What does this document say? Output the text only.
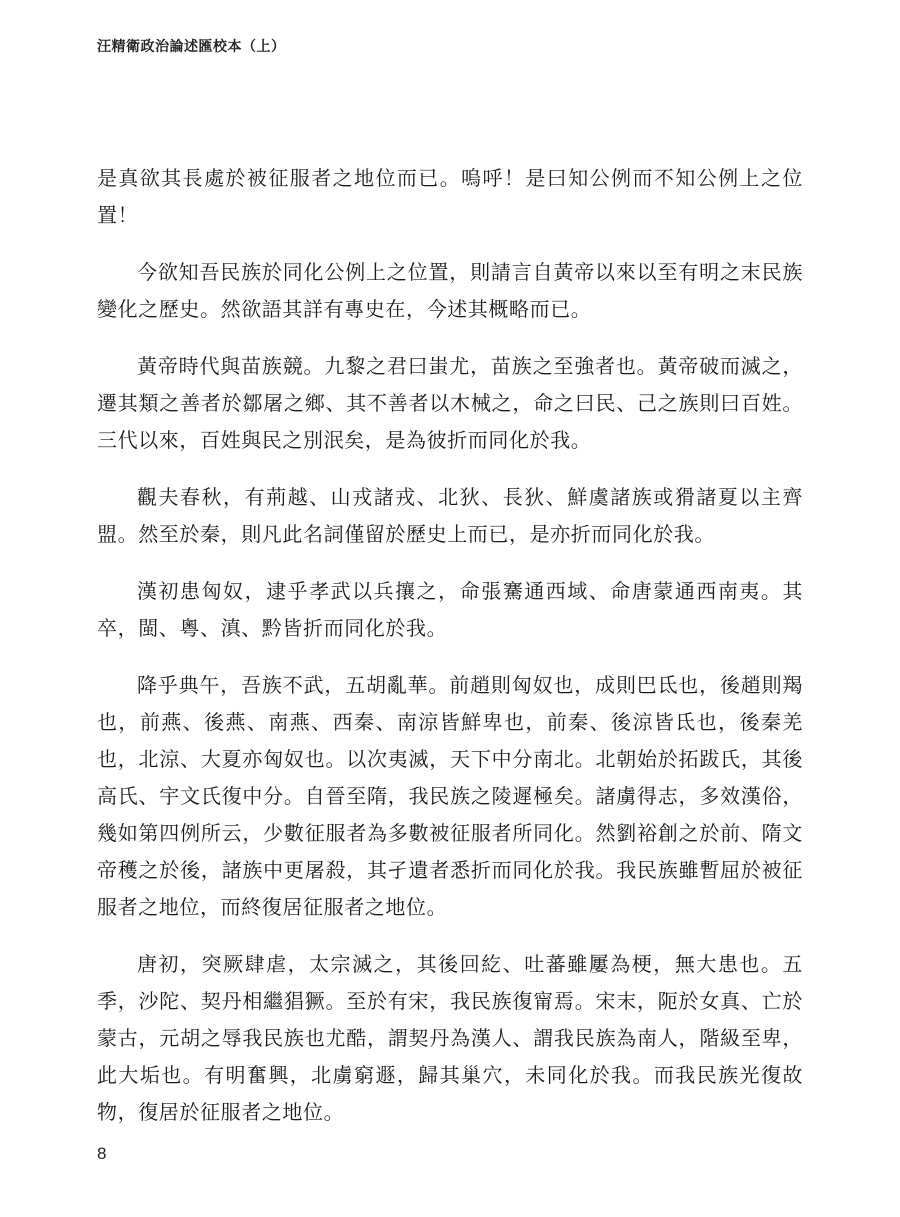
汪精衛政治論述匯校本（上）

是真欲其長處於被征服者之地位而已。嗚呼！是曰知公例而不知公例上之位置！

今欲知吾民族於同化公例上之位置，則請言自黃帝以來以至有明之末民族變化之歷史。然欲語其詳有專史在，今述其概略而已。

黃帝時代與苗族競。九黎之君曰蚩尤，苗族之至強者也。黃帝破而滅之，遷其類之善者於鄒屠之鄉、其不善者以木械之，命之曰民、己之族則曰百姓。三代以來，百姓與民之別泯矣，是為彼折而同化於我。

觀夫春秋，有荊越、山戎諸戎、北狄、長狄、鮮虞諸族或猾諸夏以主齊盟。然至於秦，則凡此名詞僅留於歷史上而已，是亦折而同化於我。

漢初患匈奴，逮乎孝武以兵攘之，命張騫通西域、命唐蒙通西南夷。其卒，閩、粵、滇、黔皆折而同化於我。

降乎典午，吾族不武，五胡亂華。前趙則匈奴也，成則巴氐也，後趙則羯也，前燕、後燕、南燕、西秦、南涼皆鮮卑也，前秦、後涼皆氐也，後秦羌也，北涼、大夏亦匈奴也。以次夷滅，天下中分南北。北朝始於拓跋氏，其後高氏、宇文氏復中分。自晉至隋，我民族之陵遲極矣。諸虜得志，多效漢俗，幾如第四例所云，少數征服者為多數被征服者所同化。然劉裕創之於前、隋文帝穫之於後，諸族中更屠殺，其孑遺者悉折而同化於我。我民族雖暫屈於被征服者之地位，而終復居征服者之地位。

唐初，突厥肆虐，太宗滅之，其後回紇、吐蕃雖屢為梗，無大患也。五季，沙陀、契丹相繼猖獗。至於有宋，我民族復甯焉。宋末，阨於女真、亡於蒙古，元胡之辱我民族也尤酷，謂契丹為漢人、謂我民族為南人，階級至卑，此大垢也。有明奮興，北虜窮遯，歸其巢穴，未同化於我。而我民族光復故物，復居於征服者之地位。

8
